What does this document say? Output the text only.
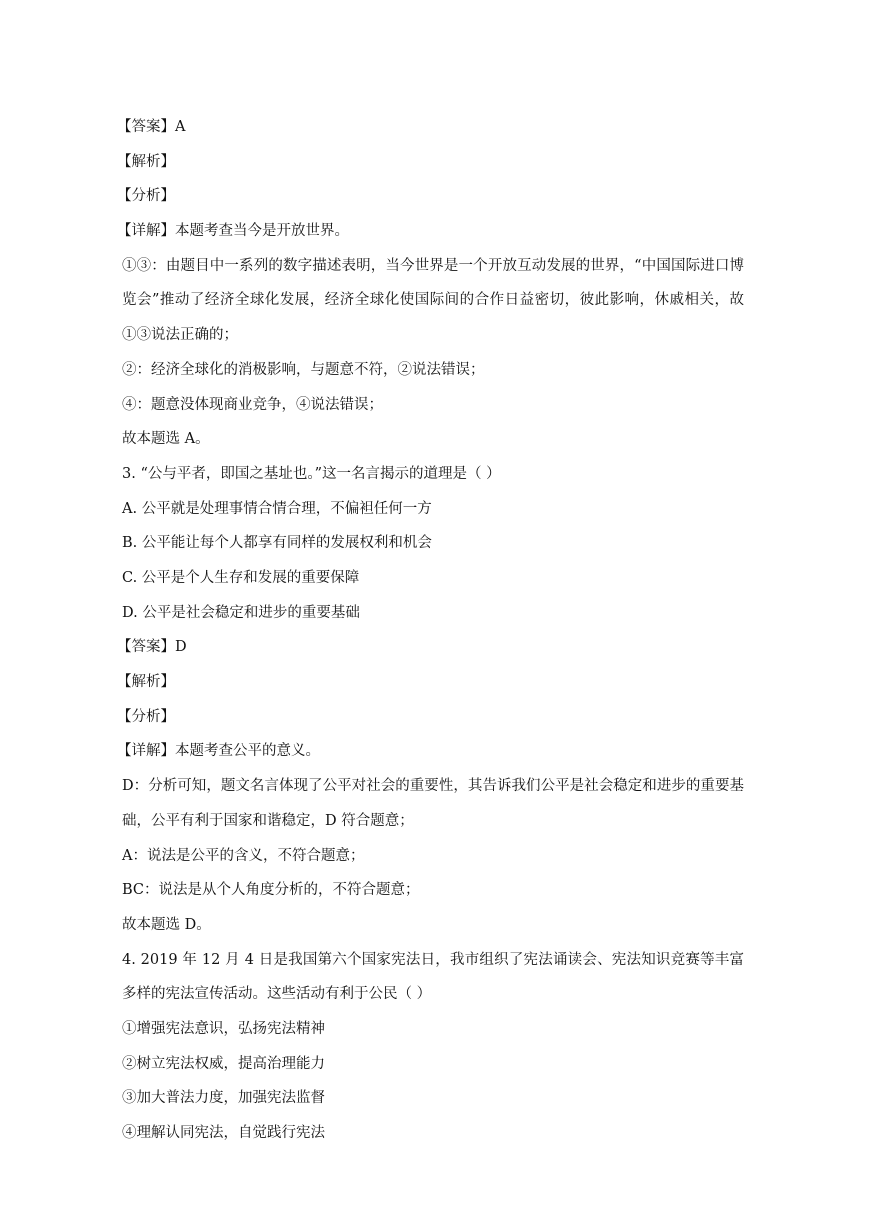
【答案】A
【解析】
【分析】
【详解】本题考查当今是开放世界。
①③：由题目中一系列的数字描述表明，当今世界是一个开放互动发展的世界，“中国国际进口博览会”推动了经济全球化发展，经济全球化使国际间的合作日益密切，彼此影响，休戚相关，故①③说法正确的；
②：经济全球化的消极影响，与题意不符，②说法错误；
④：题意没体现商业竞争，④说法错误；
故本题选 A。
3. “公与平者，即国之基址也。”这一名言揭示的道理是（ ）
A. 公平就是处理事情合情合理，不偏袒任何一方
B. 公平能让每个人都享有同样的发展权利和机会
C. 公平是个人生存和发展的重要保障
D. 公平是社会稳定和进步的重要基础
【答案】D
【解析】
【分析】
【详解】本题考查公平的意义。
D：分析可知，题文名言体现了公平对社会的重要性，其告诉我们公平是社会稳定和进步的重要基础，公平有利于国家和谐稳定，D 符合题意；
A：说法是公平的含义，不符合题意；
BC：说法是从个人角度分析的，不符合题意；
故本题选 D。
4. 2019 年 12 月 4 日是我国第六个国家宪法日，我市组织了宪法诵读会、宪法知识竞赛等丰富多样的宪法宣传活动。这些活动有利于公民（ ）
①增强宪法意识，弘扬宪法精神
②树立宪法权威，提高治理能力
③加大普法力度，加强宪法监督
④理解认同宪法，自觉践行宪法
